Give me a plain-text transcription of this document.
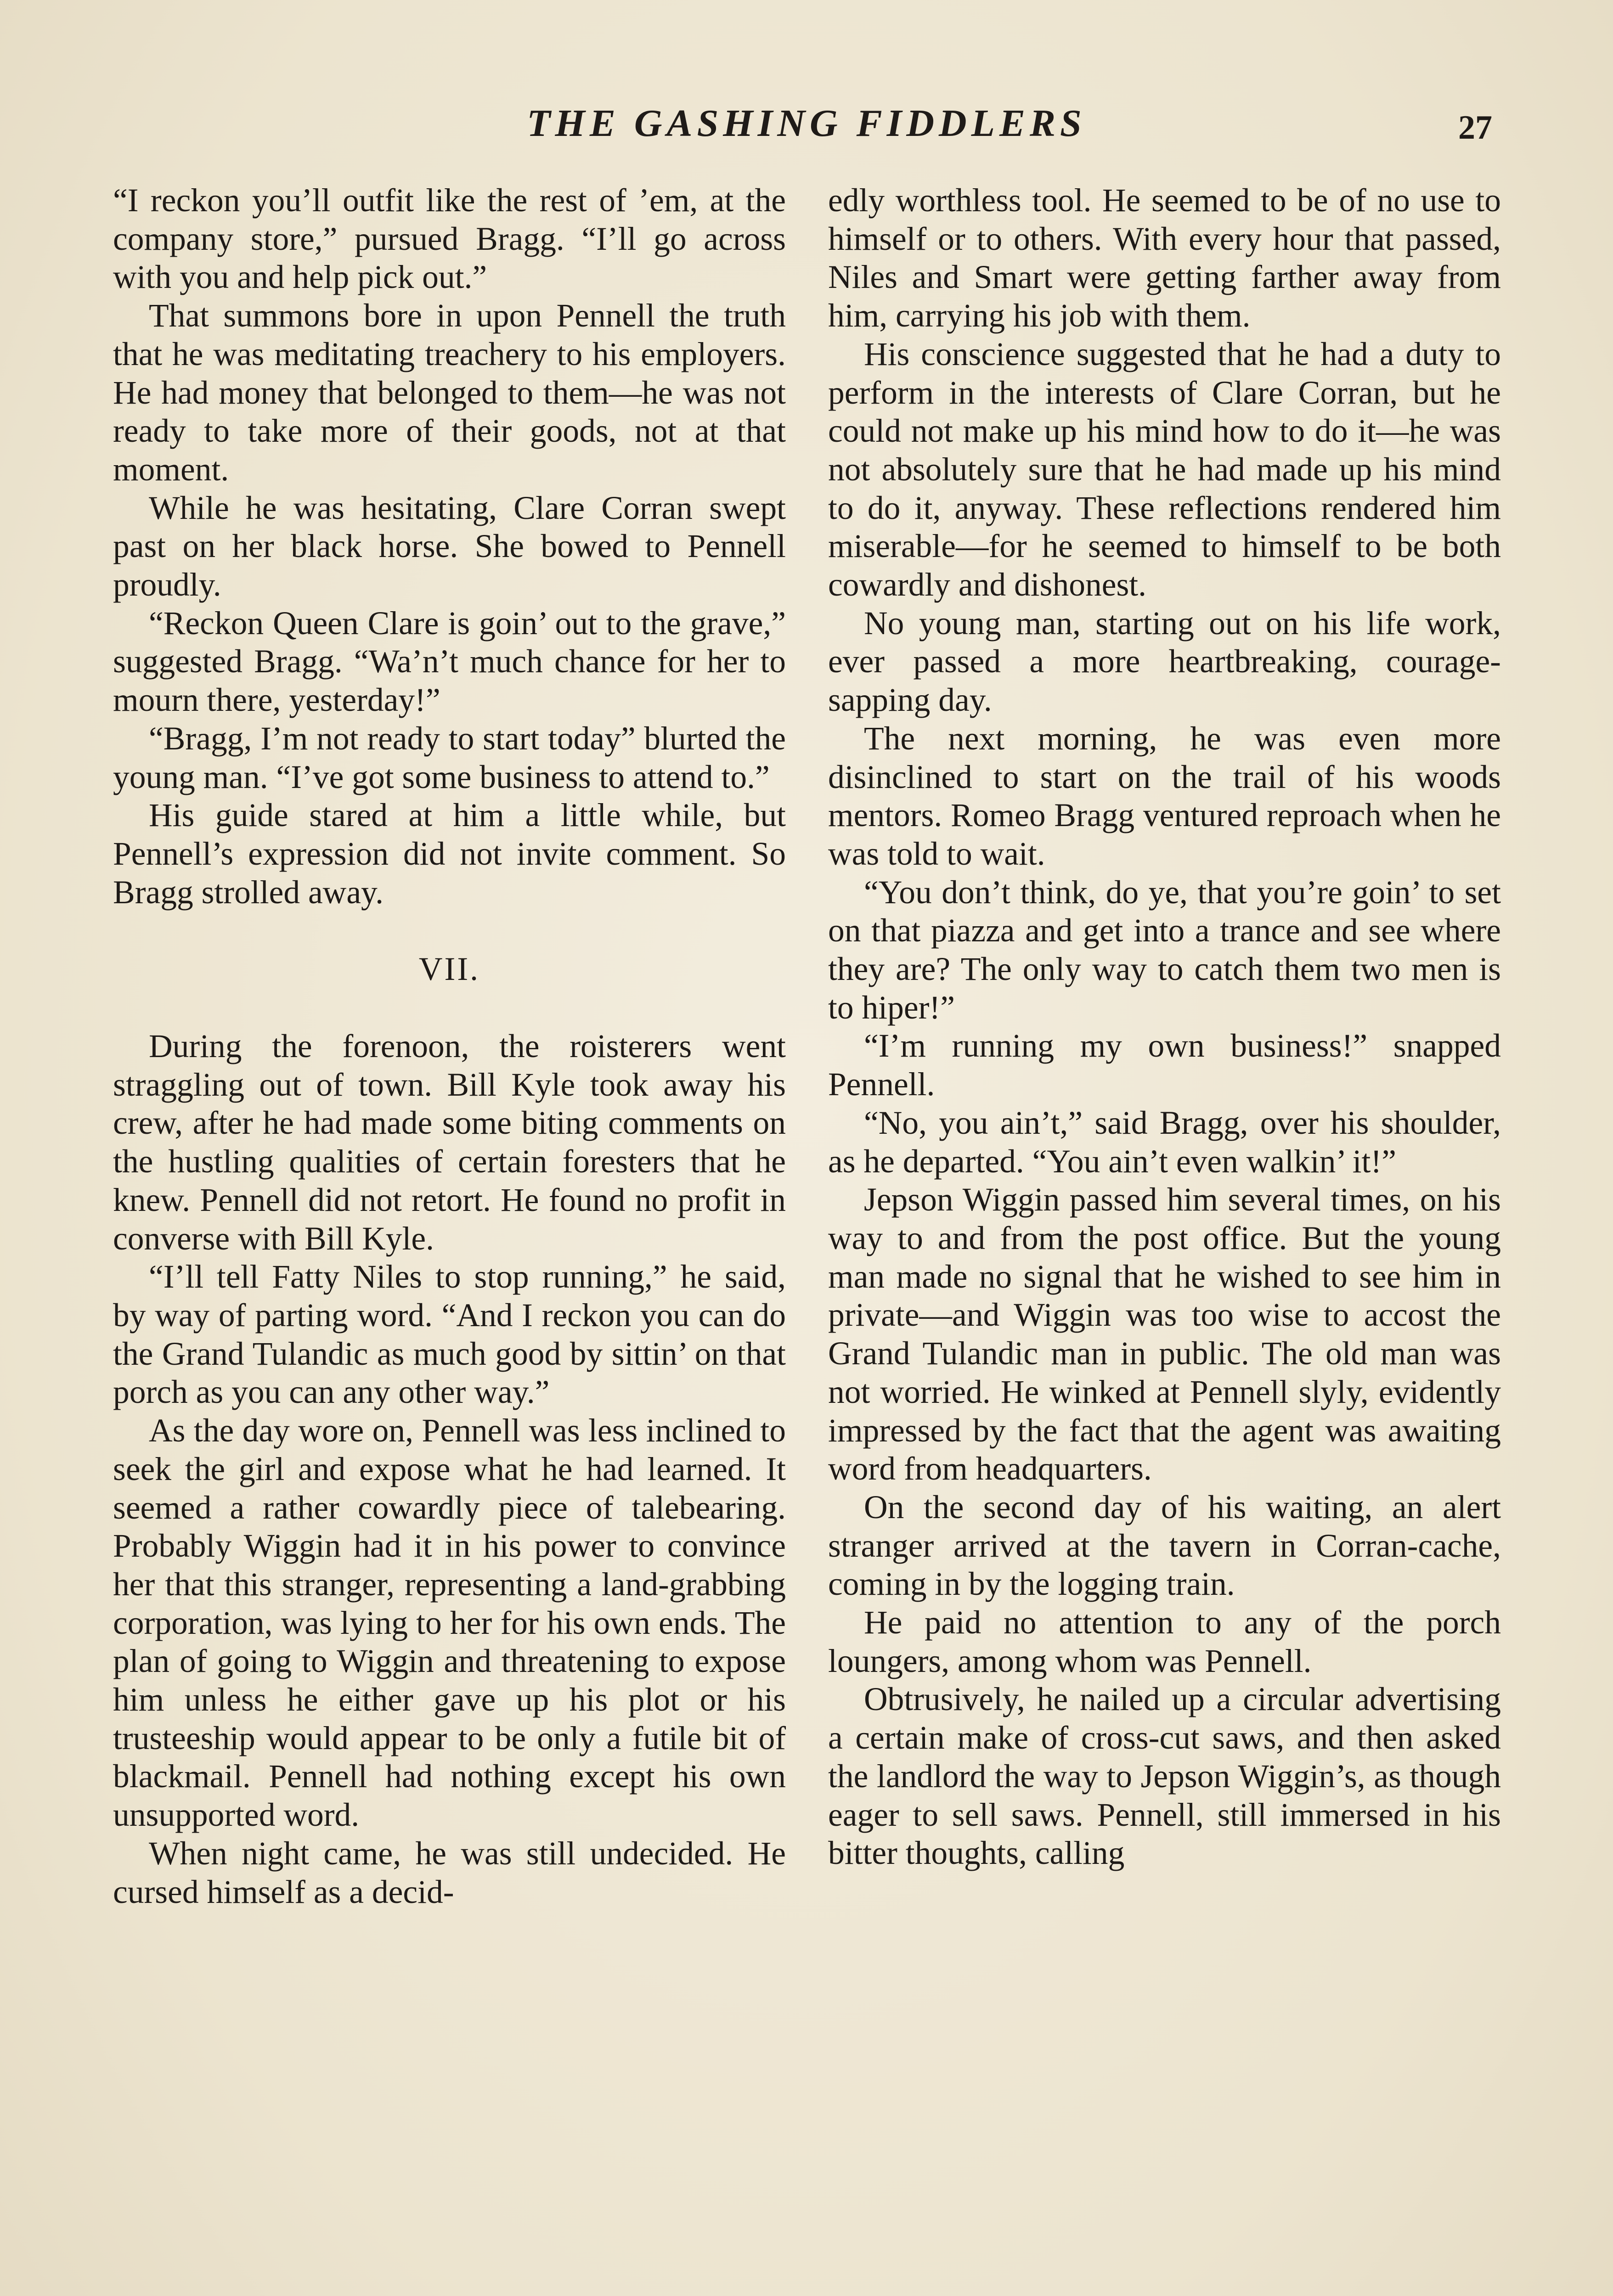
THE GASHING FIDDLERS	27

“I reckon you’ll outfit like the rest of ’em, at the company store,” pursued Bragg. “I’ll go across with you and help pick out.”

That summons bore in upon Pennell the truth that he was meditating treachery to his employers. He had money that belonged to them—he was not ready to take more of their goods, not at that moment.

While he was hesitating, Clare Corran swept past on her black horse. She bowed to Pennell proudly.

“Reckon Queen Clare is goin’ out to the grave,” suggested Bragg. “Wa’n’t much chance for her to mourn there, yesterday!”

“Bragg, I’m not ready to start today” blurted the young man. “I’ve got some business to attend to.”

His guide stared at him a little while, but Pennell’s expression did not invite comment. So Bragg strolled away.

VII.

During the forenoon, the roisterers went straggling out of town. Bill Kyle took away his crew, after he had made some biting comments on the hustling qualities of certain foresters that he knew. Pennell did not retort. He found no profit in converse with Bill Kyle.

“I’ll tell Fatty Niles to stop running,” he said, by way of parting word. “And I reckon you can do the Grand Tulandic as much good by sittin’ on that porch as you can any other way.”

As the day wore on, Pennell was less inclined to seek the girl and expose what he had learned. It seemed a rather cowardly piece of talebearing. Probably Wiggin had it in his power to convince her that this stranger, representing a land-grabbing corporation, was lying to her for his own ends. The plan of going to Wiggin and threatening to expose him unless he either gave up his plot or his trusteeship would appear to be only a futile bit of blackmail. Pennell had nothing except his own unsupported word.

When night came, he was still undecided. He cursed himself as a decid-

edly worthless tool. He seemed to be of no use to himself or to others. With every hour that passed, Niles and Smart were getting farther away from him, carrying his job with them.

His conscience suggested that he had a duty to perform in the interests of Clare Corran, but he could not make up his mind how to do it—he was not absolutely sure that he had made up his mind to do it, anyway. These reflections rendered him miserable—for he seemed to himself to be both cowardly and dishonest.

No young man, starting out on his life work, ever passed a more heartbreaking, courage-sapping day.

The next morning, he was even more disinclined to start on the trail of his woods mentors. Romeo Bragg ventured reproach when he was told to wait.

“You don’t think, do ye, that you’re goin’ to set on that piazza and get into a trance and see where they are? The only way to catch them two men is to hiper!”

“I’m running my own business!” snapped Pennell.

“No, you ain’t,” said Bragg, over his shoulder, as he departed. “You ain’t even walkin’ it!”

Jepson Wiggin passed him several times, on his way to and from the post office. But the young man made no signal that he wished to see him in private—and Wiggin was too wise to accost the Grand Tulandic man in public. The old man was not worried. He winked at Pennell slyly, evidently impressed by the fact that the agent was awaiting word from headquarters.

On the second day of his waiting, an alert stranger arrived at the tavern in Corran-cache, coming in by the logging train.

He paid no attention to any of the porch loungers, among whom was Pennell.

Obtrusively, he nailed up a circular advertising a certain make of cross-cut saws, and then asked the landlord the way to Jepson Wiggin’s, as though eager to sell saws. Pennell, still immersed in his bitter thoughts, calling
